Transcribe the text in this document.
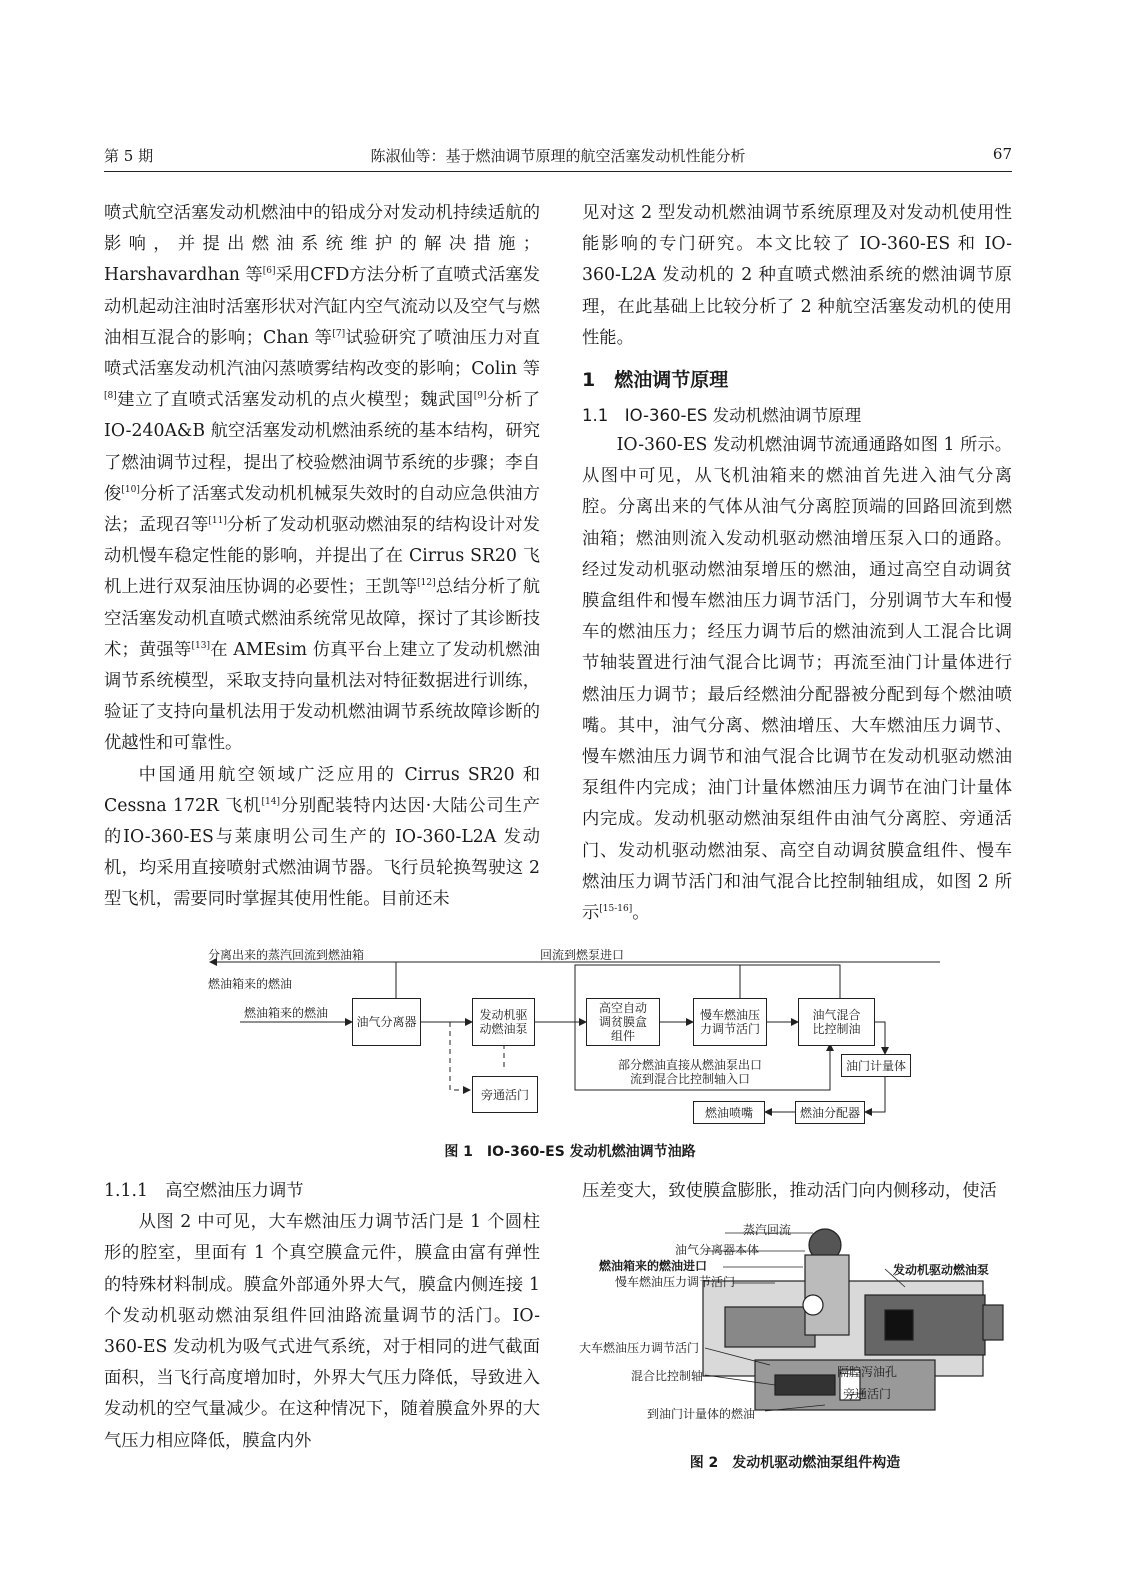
第 5 期	陈淑仙等：基于燃油调节原理的航空活塞发动机性能分析	67

喷式航空活塞发动机燃油中的铅成分对发动机持续适航的影响，并提出燃油系统维护的解决措施；Harshavardhan 等[6]采用CFD方法分析了直喷式活塞发动机起动注油时活塞形状对汽缸内空气流动以及空气与燃油相互混合的影响；Chan 等[7]试验研究了喷油压力对直喷式活塞发动机汽油闪蒸喷雾结构改变的影响；Colin 等[8]建立了直喷式活塞发动机的点火模型；魏武国[9]分析了 IO-240A&B 航空活塞发动机燃油系统的基本结构，研究了燃油调节过程，提出了校验燃油调节系统的步骤；李自俊[10]分析了活塞式发动机机械泵失效时的自动应急供油方法；孟现召等[11]分析了发动机驱动燃油泵的结构设计对发动机慢车稳定性能的影响，并提出了在 Cirrus SR20 飞机上进行双泵油压协调的必要性；王凯等[12]总结分析了航空活塞发动机直喷式燃油系统常见故障，探讨了其诊断技术；黄强等[13]在 AMEsim 仿真平台上建立了发动机燃油调节系统模型，采取支持向量机法对特征数据进行训练，验证了支持向量机法用于发动机燃油调节系统故障诊断的优越性和可靠性。

中国通用航空领域广泛应用的 Cirrus SR20 和 Cessna 172R 飞机[14]分别配装特内达因·大陆公司生产的IO-360-ES与莱康明公司生产的 IO-360-L2A 发动机，均采用直接喷射式燃油调节器。飞行员轮换驾驶这 2 型飞机，需要同时掌握其使用性能。目前还未

见对这 2 型发动机燃油调节系统原理及对发动机使用性能影响的专门研究。本文比较了 IO-360-ES 和 IO-360-L2A 发动机的 2 种直喷式燃油系统的燃油调节原理，在此基础上比较分析了 2 种航空活塞发动机的使用性能。

1　燃油调节原理

1.1　IO-360-ES 发动机燃油调节原理

IO-360-ES 发动机燃油调节流通通路如图 1 所示。从图中可见，从飞机油箱来的燃油首先进入油气分离腔。分离出来的气体从油气分离腔顶端的回路回流到燃油箱；燃油则流入发动机驱动燃油增压泵入口的通路。经过发动机驱动燃油泵增压的燃油，通过高空自动调贫膜盒组件和慢车燃油压力调节活门，分别调节大车和慢车的燃油压力；经压力调节后的燃油流到人工混合比调节轴装置进行油气混合比调节；再流至油门计量体进行燃油压力调节；最后经燃油分配器被分配到每个燃油喷嘴。其中，油气分离、燃油增压、大车燃油压力调节、慢车燃油压力调节和油气混合比调节在发动机驱动燃油泵组件内完成；油门计量体燃油压力调节在油门计量体内完成。发动机驱动燃油泵组件由油气分离腔、旁通活门、发动机驱动燃油泵、高空自动调贫膜盒组件、慢车燃油压力调节活门和油气混合比控制轴组成，如图 2 所示[15-16]。

分离出来的蒸汽回流到燃油箱
燃油箱来的燃油
燃油箱来的燃油
回流到燃泵进口
部分燃油直接从燃油泵出口
流到混合比控制轴入口
油气分离器	发动机驱动燃油泵
高空自动调贫膜盒组件
慢车燃油压力调节活门
油气混合比控制油
油门计量体
燃油分配器
燃油喷嘴
旁通活门
图 1　IO-360-ES 发动机燃油调节油路

1.1.1　高空燃油压力调节

从图 2 中可见，大车燃油压力调节活门是 1 个圆柱形的腔室，里面有 1 个真空膜盒元件，膜盒由富有弹性的特殊材料制成。膜盒外部通外界大气，膜盒内侧连接 1 个发动机驱动燃油泵组件回油路流量调节的活门。IO-360-ES 发动机为吸气式进气系统，对于相同的进气截面面积，当飞行高度增加时，外界大气压力降低，导致进入发动机的空气量减少。在这种情况下，随着膜盒外界的大气压力相应降低，膜盒内外

压差变大，致使膜盒膨胀，推动活门向内侧移动，使活

蒸汽回流
油气分离器本体
燃油箱来的燃油进口
慢车燃油压力调节活门
发动机驱动燃油泵
大车燃油压力调节活门
混合比控制轴	隔腔泻油孔
旁通活门
到油门计量体的燃油
图 2　发动机驱动燃油泵组件构造
